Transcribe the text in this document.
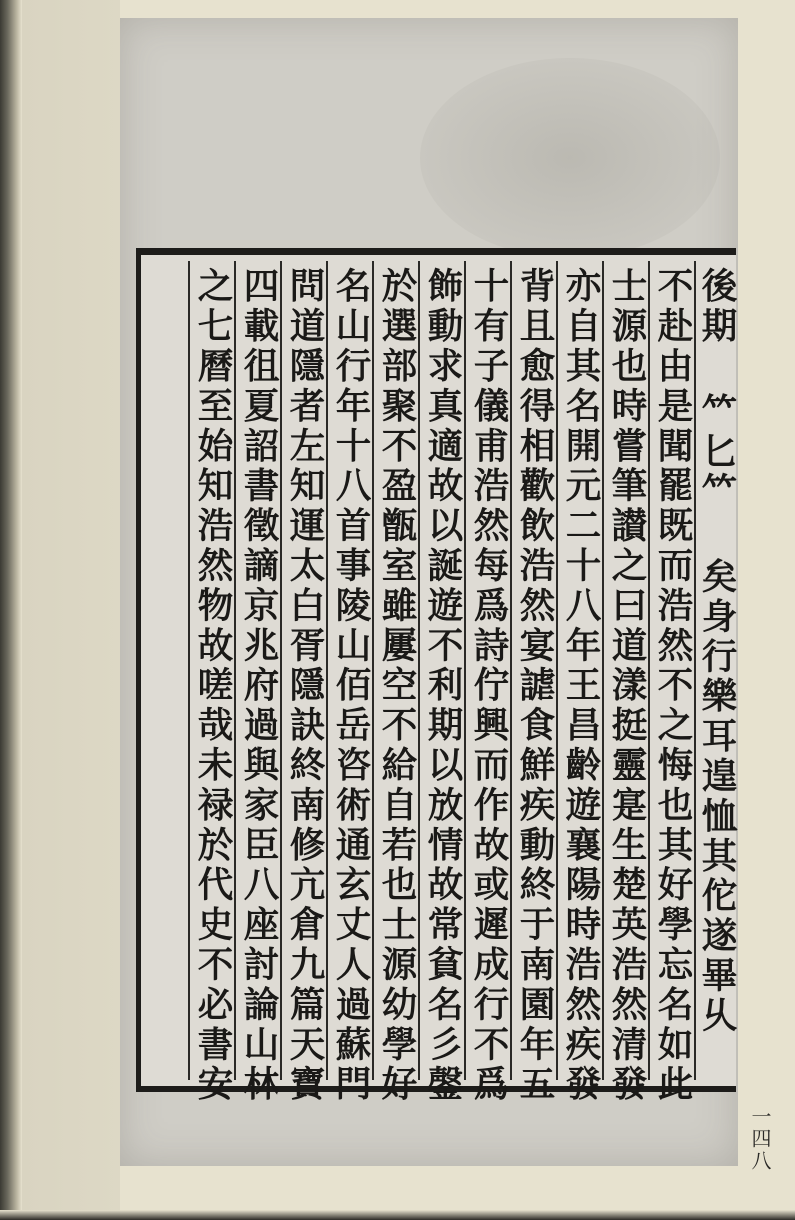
後期 𥫗匕𥫗 矣身行樂耳遑恤其佗遂畢乆
不赴由是聞罷既而浩然不之悔也其好學忘名如此
士源也時嘗筆讃之曰道漾挺靈寔生楚英浩然清發
亦自其名開元二十八年王昌齡遊襄陽時浩然疾發
背且愈得相歡飲浩然宴謔食鮮疾動終于南園年五
十有子儀甫浩然每爲詩佇興而作故或遲成行不爲
飾動求真適故以誕遊不利期以放情故常貧名彡鏧
於選部聚不盈甑室雖屢空不給自若也士源幼學好
名山行年十八首事陵山佰岳咨術通玄丈人過蘇門
問道隱者左知運太白胥隱訣終南修亢倉九篇天寶
四載徂夏詔書徵謫京兆府過與家臣八座討論山林
之七曆至始知浩然物故嗟哉未禄於代史不必書安
一四八
